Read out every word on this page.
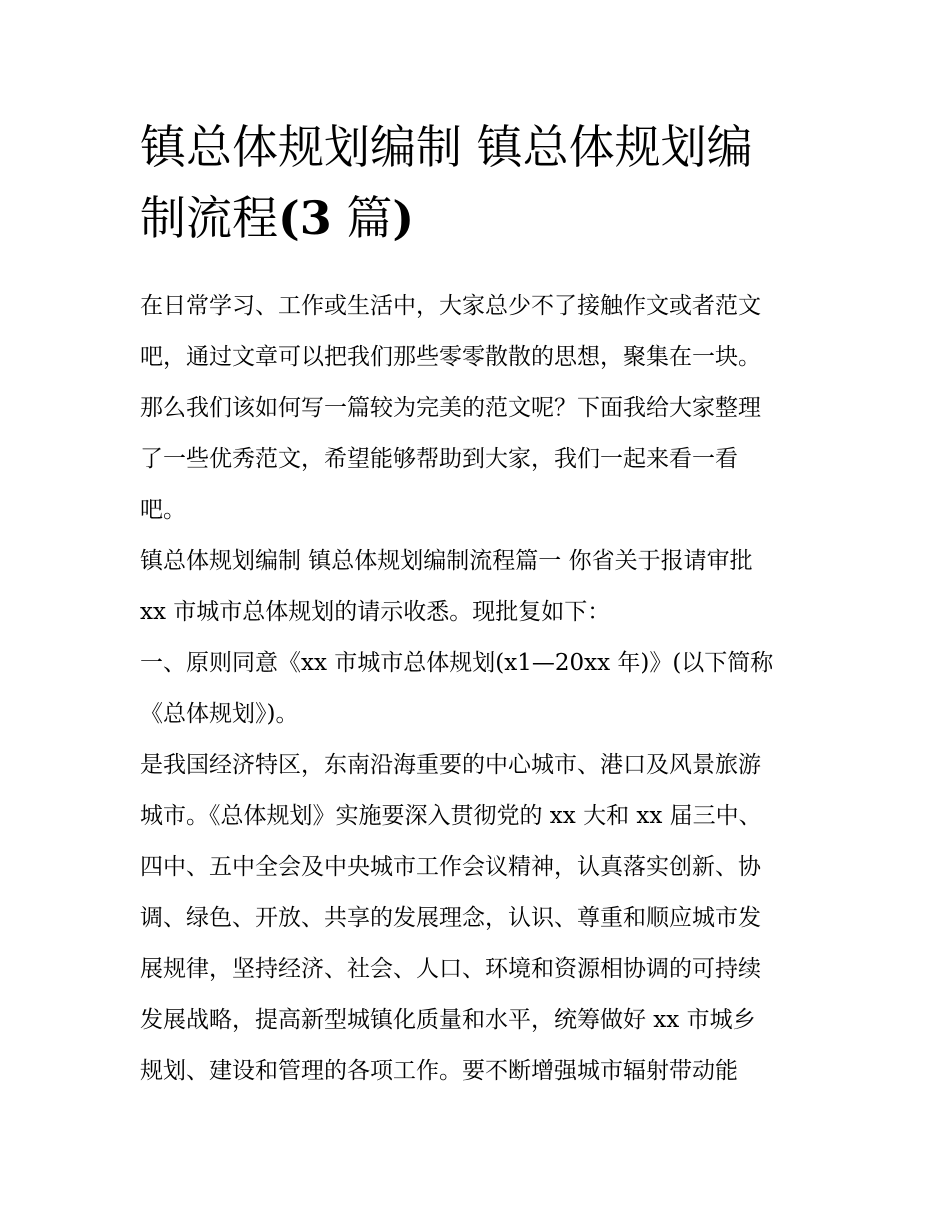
镇总体规划编制 镇总体规划编
制流程(3 篇)

在日常学习、工作或生活中，大家总少不了接触作文或者范文
吧，通过文章可以把我们那些零零散散的思想，聚集在一块。
那么我们该如何写一篇较为完美的范文呢？下面我给大家整理
了一些优秀范文，希望能够帮助到大家，我们一起来看一看
吧。

镇总体规划编制 镇总体规划编制流程篇一 你省关于报请审批
xx 市城市总体规划的请示收悉。现批复如下：

一、原则同意《xx 市城市总体规划(x1—20xx 年)》(以下简称
《总体规划》)。

是我国经济特区，东南沿海重要的中心城市、港口及风景旅游
城市。《总体规划》实施要深入贯彻党的 xx 大和 xx 届三中、
四中、五中全会及中央城市工作会议精神，认真落实创新、协
调、绿色、开放、共享的发展理念，认识、尊重和顺应城市发
展规律，坚持经济、社会、人口、环境和资源相协调的可持续
发展战略，提高新型城镇化质量和水平，统筹做好 xx 市城乡
规划、建设和管理的各项工作。要不断增强城市辐射带动能
